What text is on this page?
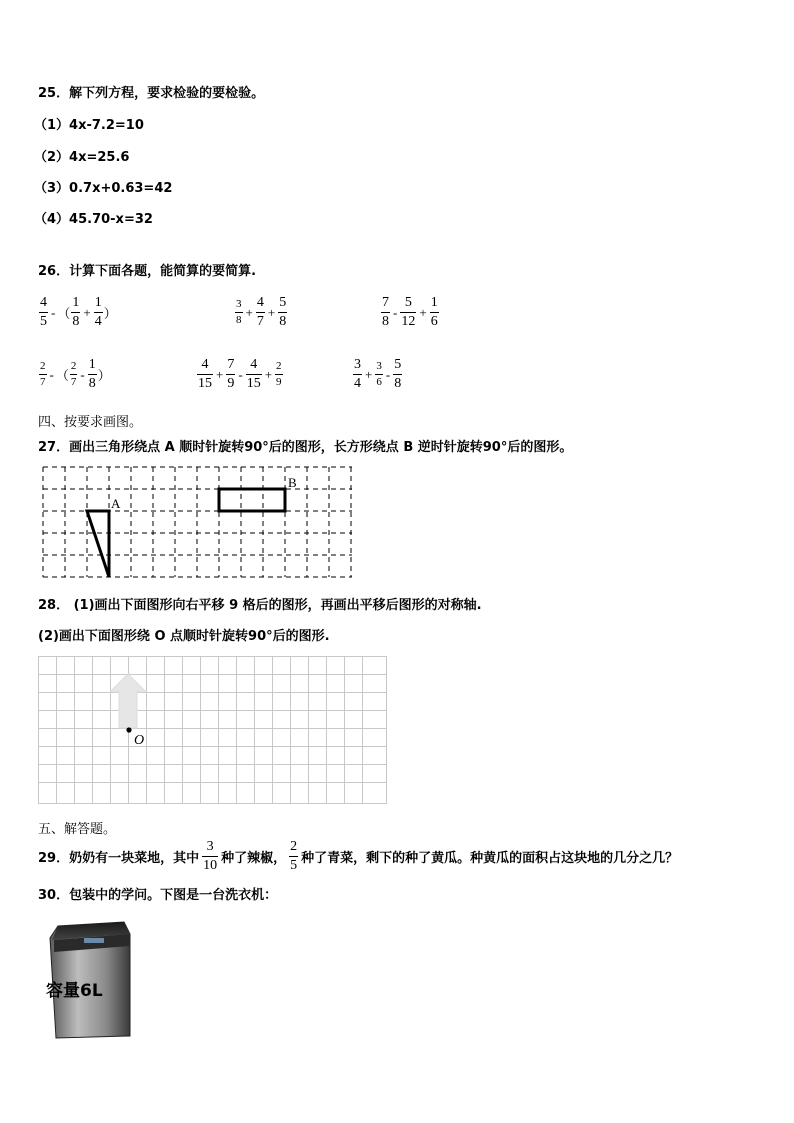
25．解下列方程，要求检验的要检验。
（1）4x-7.2=10
（2）4x=25.6
（3）0.7x+0.63=42
（4）45.70-x=32
26．计算下面各题，能简算的要简算.
$\frac{4}{5}$ - （ $\frac{1}{8} + \frac{1}{4}$ ）	$\frac{3}{8} + \frac{4}{7} + \frac{5}{8}$	$\frac{7}{8} - \frac{5}{12} + \frac{1}{6}$
$\frac{2}{7}$ - （ $\frac{2}{7} - \frac{1}{8}$ ）	$\frac{4}{15} + \frac{7}{9} - \frac{4}{15} + \frac{2}{9}$	$\frac{3}{4} + \frac{3}{6} - \frac{5}{8}$
四、按要求画图。
27．画出三角形绕点 A 顺时针旋转90°后的图形，长方形绕点 B 逆时针旋转90°后的图形。
A
B
28． (1)画出下面图形向右平移 9 格后的图形，再画出平移后图形的对称轴.
(2)画出下面图形绕 O 点顺时针旋转90°后的图形.
O
五、解答题。
29．奶奶有一块菜地，其中 $\frac{3}{10}$ 种了辣椒， $\frac{2}{5}$ 种了青菜，剩下的种了黄瓜。种黄瓜的面积占这块地的几分之几？
30．包装中的学问。下图是一台洗衣机：
容量6L
